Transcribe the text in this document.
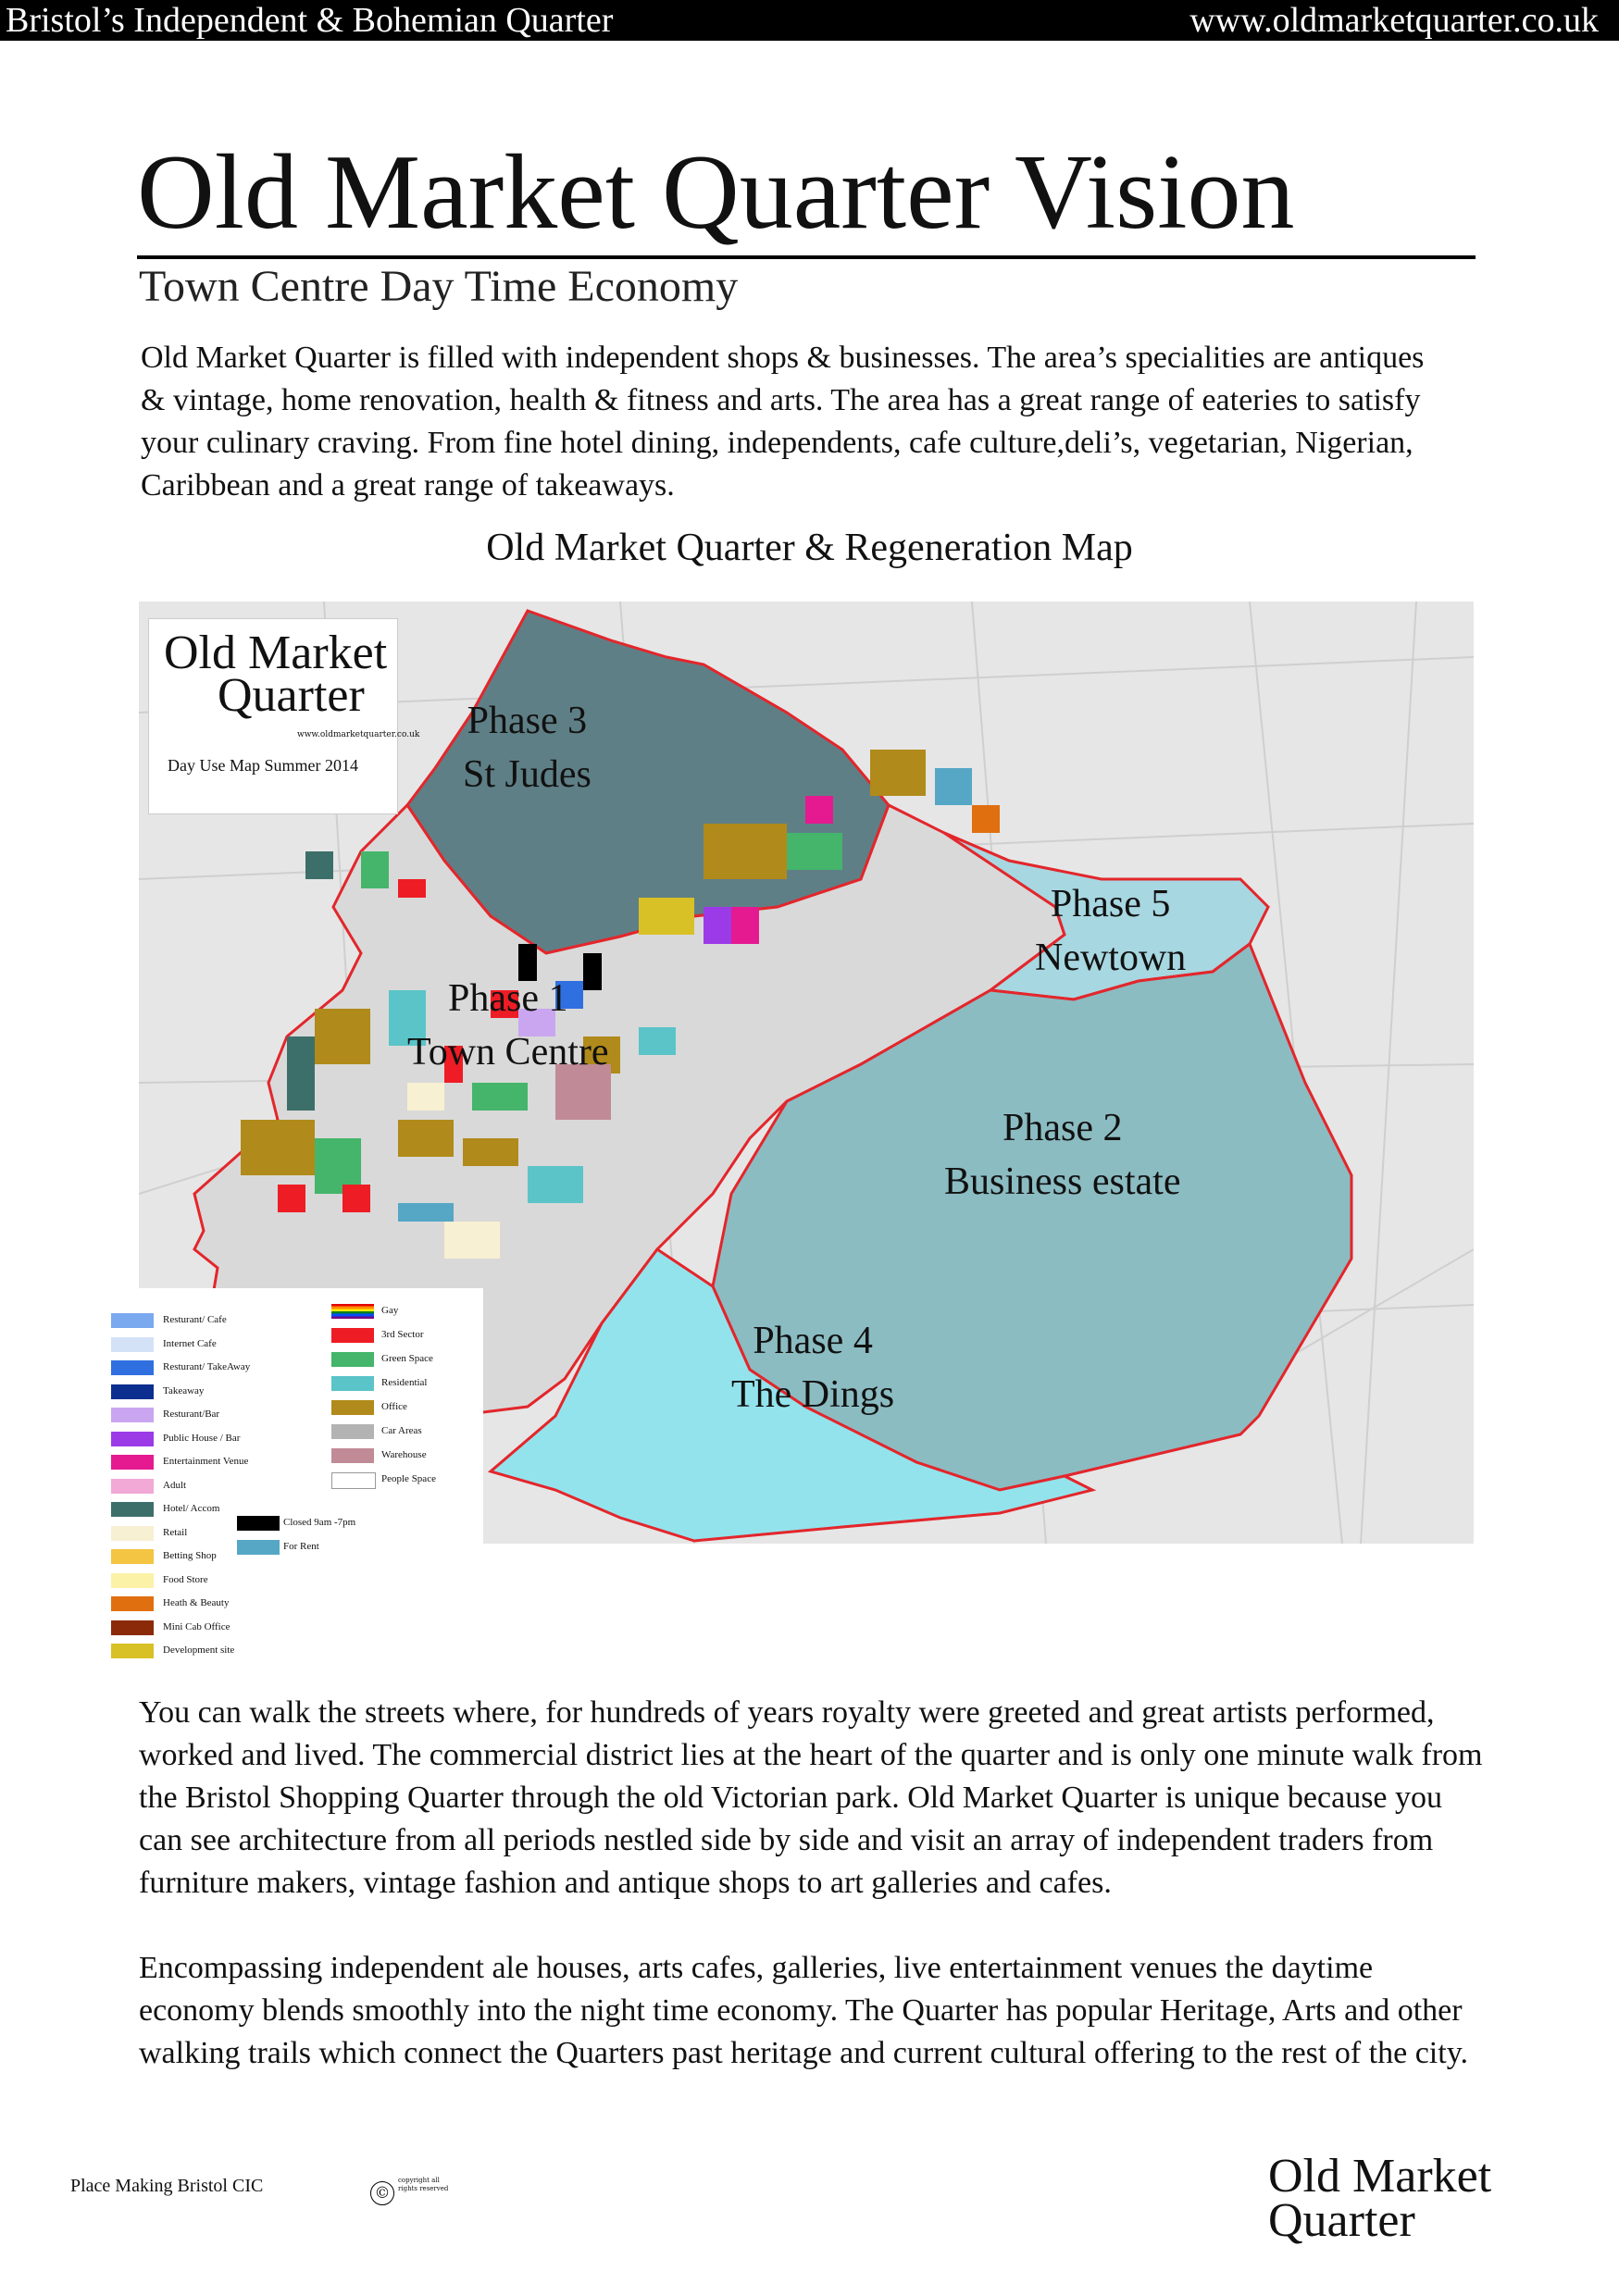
Bristol’s Independent & Bohemian Quarter	www.oldmarketquarter.co.uk
Old Market Quarter Vision
Town Centre Day Time Economy

Old Market Quarter is filled with independent shops & businesses. The area’s specialities are antiques & vintage, home renovation, health & fitness and arts. The area has a great range of eateries to satisfy your culinary craving. From fine hotel dining, independents, cafe culture,deli’s, vegetarian, Nigerian, Caribbean and a great range of takeaways.

Old Market Quarter & Regeneration Map
Old Market
Quarter
www.oldmarketquarter.co.uk
Day Use Map Summer 2014
Phase 3
St Judes
Phase 5
Newtown
Phase 1
Town Centre
Phase 2
Business estate
Phase 4
The Dings
Resturant/ Cafe
Internet Cafe
Resturant/ TakeAway
Takeaway
Resturant/Bar
Public House / Bar
Entertainment Venue
Adult
Hotel/ Accom
Retail
Betting Shop
Food Store
Heath & Beauty
Mini Cab Office
Development site
Gay
3rd Sector
Green Space
Residential
Office
Car Areas
Warehouse
People Space
Closed 9am -7pm
For Rent

You can walk the streets where, for hundreds of years royalty were greeted and great artists performed, worked and lived. The commercial district lies at the heart of the quarter and is only one minute walk from the Bristol Shopping Quarter through the old Victorian park. Old Market Quarter is unique because you can see architecture from all periods nestled side by side and visit an array of independent traders from furniture makers, vintage fashion and antique shops to art galleries and cafes.

Encompassing independent ale houses, arts cafes, galleries, live entertainment venues the daytime economy blends smoothly into the night time economy. The Quarter has popular Heritage, Arts and other walking trails which connect the Quarters past heritage and current cultural offering to the rest of the city.

Place Making Bristol CIC	©
copyright all rights reserved	Old Market
Quarter
